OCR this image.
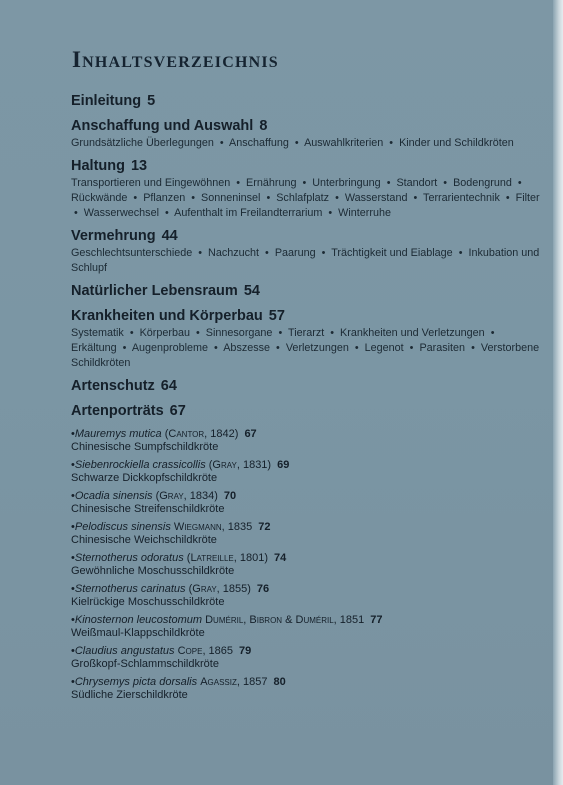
Inhaltsverzeichnis
Einleitung 5
Anschaffung und Auswahl 8
Grundsätzliche Überlegungen • Anschaffung • Auswahlkriterien • Kinder und Schildkröten
Haltung 13
Transportieren und Eingewöhnen • Ernährung • Unterbringung • Standort • Bodengrund • Rückwände • Pflanzen • Sonneninsel • Schlafplatz • Wasserstand • Terrarientechnik • Filter • Wasserwechsel • Aufenthalt im Freilandterrarium • Winterruhe
Vermehrung 44
Geschlechtsunterschiede • Nachzucht • Paarung • Trächtigkeit und Eiablage • Inkubation und Schlupf
Natürlicher Lebensraum 54
Krankheiten und Körperbau 57
Systematik • Körperbau • Sinnesorgane • Tierarzt • Krankheiten und Verletzungen • Erkältung • Augenprobleme • Abszesse • Verletzungen • Legenot • Parasiten • Verstorbene Schildkröten
Artenschutz 64
Artenporträts 67
•Mauremys mutica (Cantor, 1842) 67
Chinesische Sumpfschildkröte
•Siebenrockiella crassicollis (Gray, 1831) 69
Schwarze Dickkopfschildkröte
•Ocadia sinensis (Gray, 1834) 70
Chinesische Streifenschildkröte
•Pelodiscus sinensis Wiegmann, 1835 72
Chinesische Weichschildkröte
•Sternotherus odoratus (Latreille, 1801) 74
Gewöhnliche Moschusschildkröte
•Sternotherus carinatus (Gray, 1855) 76
Kielrückige Moschusschildkröte
•Kinosternon leucostomum Duméril, Bibron & Duméril, 1851 77
Weißmaul-Klappschildkröte
•Claudius angustatus Cope, 1865 79
Großkopf-Schlammschildkröte
•Chrysemys picta dorsalis Agassiz, 1857 80
Südliche Zierschildkröte
